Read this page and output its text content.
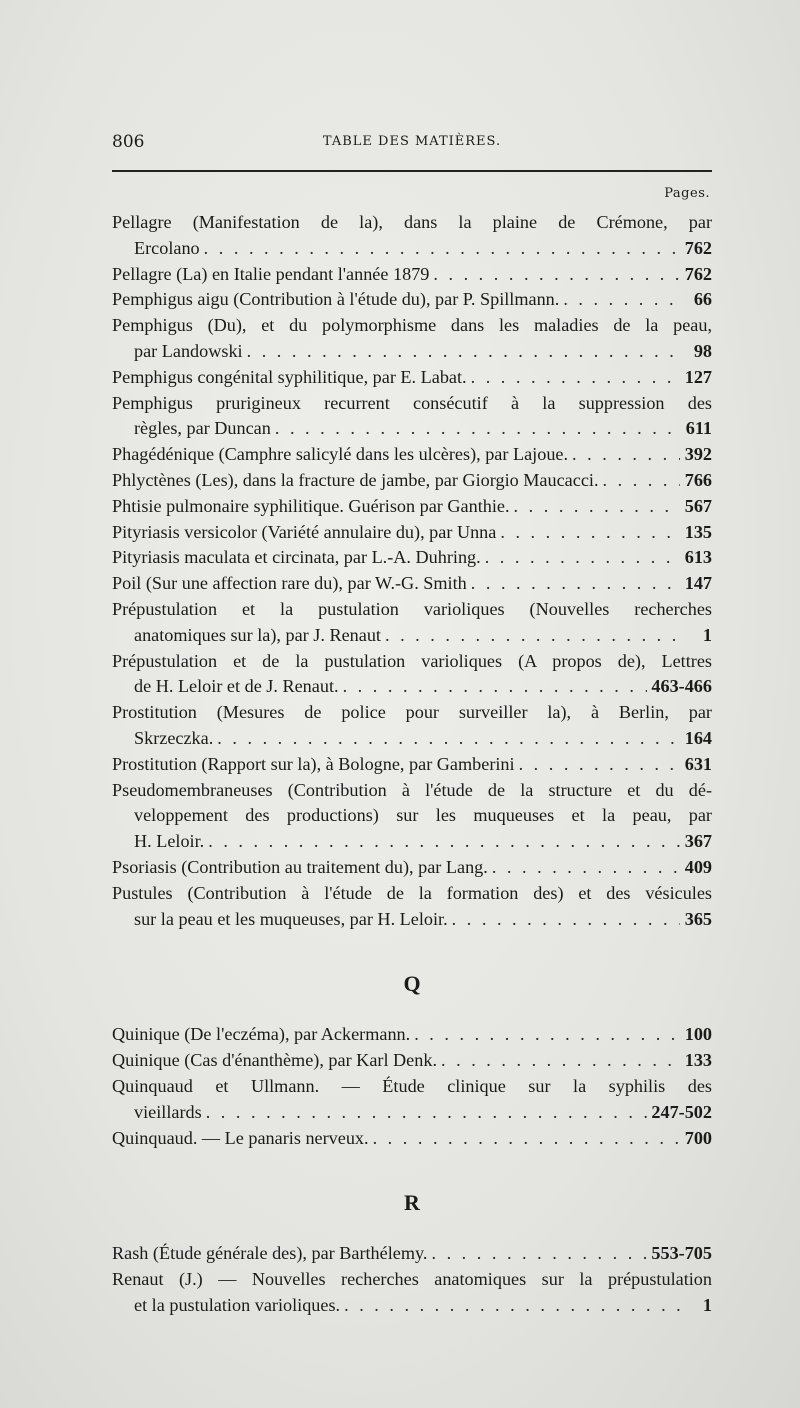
806	TABLE DES MATIÈRES.
Pages.
Pellagre (Manifestation de la), dans la plaine de Crémone, par
Ercolano . . .	762
Pellagre (La) en Italie pendant l'année 1879 . . .	762
Pemphigus aigu (Contribution à l'étude du), par P. Spillmann. . . .	66
Pemphigus (Du), et du polymorphisme dans les maladies de la peau,
par Landowski . . .	98
Pemphigus congénital syphilitique, par E. Labat. . . .	127
Pemphigus prurigineux recurrent consécutif à la suppression des
règles, par Duncan . . .	611
Phagédénique (Camphre salicylé dans les ulcères), par Lajoue. . . .	392
Phlyctènes (Les), dans la fracture de jambe, par Giorgio Maucacci. . . .	766
Phtisie pulmonaire syphilitique. Guérison par Ganthie. . . .	567
Pityriasis versicolor (Variété annulaire du), par Unna . . .	135
Pityriasis maculata et circinata, par L.-A. Duhring. . . .	613
Poil (Sur une affection rare du), par W.-G. Smith . . .	147
Prépustulation et la pustulation varioliques (Nouvelles recherches
anatomiques sur la), par J. Renaut . . .	1
Prépustulation et de la pustulation varioliques (A propos de), Lettres
de H. Leloir et de J. Renaut. . . .	463-466
Prostitution (Mesures de police pour surveiller la), à Berlin, par
Skrzeczka. . . .	164
Prostitution (Rapport sur la), à Bologne, par Gamberini . . .	631
Pseudomembraneuses (Contribution à l'étude de la structure et du dé-
veloppement des productions) sur les muqueuses et la peau, par
H. Leloir. . . .	367
Psoriasis (Contribution au traitement du), par Lang. . . .	409
Pustules (Contribution à l'étude de la formation des) et des vésicules
sur la peau et les muqueuses, par H. Leloir. . . .	365
Q
Quinique (De l'eczéma), par Ackermann. . . .	100
Quinique (Cas d'énanthème), par Karl Denk. . . .	133
Quinquaud et Ullmann. — Étude clinique sur la syphilis des
vieillards . . .	247-502
Quinquaud. — Le panaris nerveux. . . .	700
R
Rash (Étude générale des), par Barthélemy. . . .	553-705
Renaut (J.) — Nouvelles recherches anatomiques sur la prépustulation
et la pustulation varioliques. . . .	1
